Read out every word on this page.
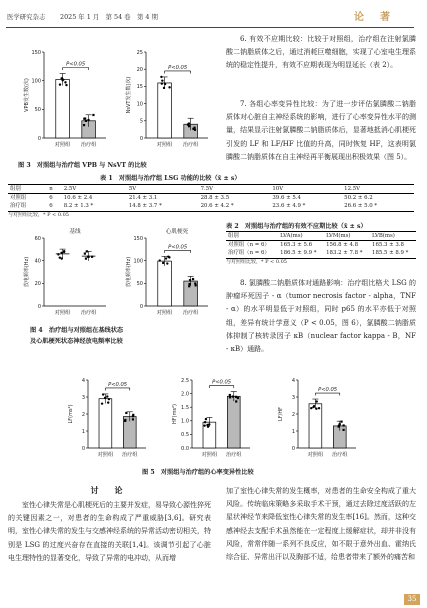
医学研究杂志 2025 年 1 月　第 54 卷　第 4 期	论　著
0
50
100
150
VPB发生数(次)
对照组 治疗组
P<0.05
0
5
10
15
20
25
NsVT发生数(次)
对照组 治疗组
P<0.05
图 3　对照组与治疗组 VPB 与 NsVT 的比较
6. 有效不应期比较：比较于对照组，治疗组在注射氯膦酸二钠脂质体之后，通过消耗巨噬细胞，实现了心室电生理系统的稳定性提升，有效不应期表现为明显延长（表 2）。
7. 各组心率变异性比较：为了进一步评估氯膦酸二钠脂质体对心脏自主神经系统的影响，进行了心率变异性水平的测量，结果显示注射氯膦酸二钠脂质体后，显著地抵消心肌梗死引发的 LF 和 LF/HF 比值的升高，同时恢复 HF，这表明氯膦酸二钠脂质体在自主神经再平衡展现出积极效果（图 5）。
表 1　对照组与治疗组 LSG 功能的比较（x̄ ± s）
组别	n	2.5V	5V	7.5V	10V	12.5V
对照组	6	10.6 ± 2.4	21.4 ± 3.1	28.8 ± 3.5	39.6 ± 5.4	50.2 ± 6.2
治疗组	6	8.2 ± 1.3 *	14.8 ± 3.7 *	20.6 ± 4.2 *	23.6 ± 4.9 *	26.6 ± 5.0 *
与对照组比较，* P < 0.05
0
20
40
60
放电频率(Hz)
基线
对照组 治疗组
0
50
100
150
放电频率(Hz)
心肌梗死
对照组 治疗组
P<0.05
图 4　治疗组与对照组在基线状态
及心肌梗死状态神经放电频率比较
表 2　对照组与治疗组的有效不应期比较（x̄ ± s）
组别	LVA(ms)	LVM(ms)	LVB(ms)
对照组（n = 6）	165.3 ± 5.6	156.8 ± 4.8	165.3 ± 3.8
治疗组（n = 6）	186.5 ± 9.9 *	183.2 ± 7.8 *	185.5 ± 8.9 *
与对照组比较，* P < 0.05
8. 氯膦酸二钠脂质体对通路影响：治疗组比格犬 LSG 的肿瘤坏死因子 - α（tumor necrosis factor - alpha，TNF - α）的水平明显低于对照组，同时 p65 的水平亦低于对照组，差异有统计学意义（P < 0.05，图 6），氯膦酸二钠脂质体抑制了核转录因子 κB（nuclear factor kappa - B，NF - κB）通路。
0
1
2
3
4
LF(ms²)
对照组 治疗组
P<0.05
0.0
0.5
1.0
1.5
2.0
2.5
HF(ms²)
对照组 治疗组
P<0.05
0
1
2
3
4
LF/HF
对照组 治疗组
P<0.05
图 5　对照组与治疗组的心率变异性比较
讨　论
室性心律失常是心肌梗死后的主要并发症，易导致心源性猝死的关键因素之一，对患者的生命构成了严重威胁[3,6]。研究表明，室性心律失常的发生与交感神经系统的异常活动密切相关，特别是 LSG 的过度兴奋存在直接的关联[1,4]。该调节引起了心脏电生理特性的显著变化，导致了异常的电冲动，从而增
加了室性心律失常的发生概率，对患者的生命安全构成了重大风险。传统临床策略多采取手术干预，通过去除过度活跃的左星状神经节来降低室性心律失常的发生率[16]。然而，这种交感神经去支配手术虽然能在一定程度上缓解症状，却并非没有风险，常常伴随一系列不良反应，如不限于意外出血、霍纳氏综合征、异常出汗以及胸部不适，给患者带来了额外的痛苦和
35
